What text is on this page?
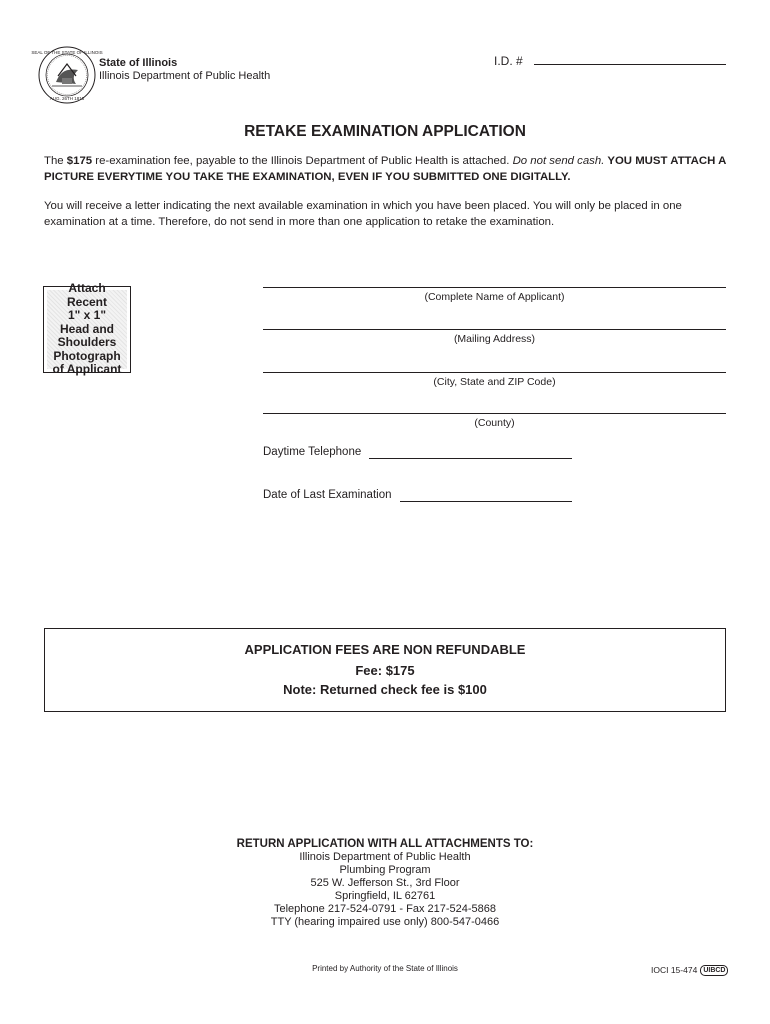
SEAL OF THE STATE OF ILLINOIS
AUG. 26TH 1818
State of Illinois
Illinois Department of Public Health
I.D. #
RETAKE EXAMINATION APPLICATION
The $175 re-examination fee, payable to the Illinois Department of Public Health is attached. Do not send cash. YOU MUST ATTACH A PICTURE EVERYTIME YOU TAKE THE EXAMINATION, EVEN IF YOU SUBMITTED ONE DIGITALLY.
You will receive a letter indicating the next available examination in which you have been placed. You will only be placed in one examination at a time. Therefore, do not send in more than one application to retake the examination.
Attach Recent
1" x 1"
Head and
Shoulders
Photograph
of Applicant
(Complete Name of Applicant)
(Mailing Address)
(City, State and ZIP Code)
(County)
Daytime Telephone
Date of Last Examination
APPLICATION FEES ARE NON REFUNDABLE
Fee: $175
Note: Returned check fee is $100
RETURN APPLICATION WITH ALL ATTACHMENTS TO:
Illinois Department of Public Health
Plumbing Program
525 W. Jefferson St., 3rd Floor
Springfield, IL 62761
Telephone 217-524-0791 - Fax 217-524-5868
TTY (hearing impaired use only) 800-547-0466
Printed by Authority of the State of Illinois	IOCI 15-474 UIBCD
